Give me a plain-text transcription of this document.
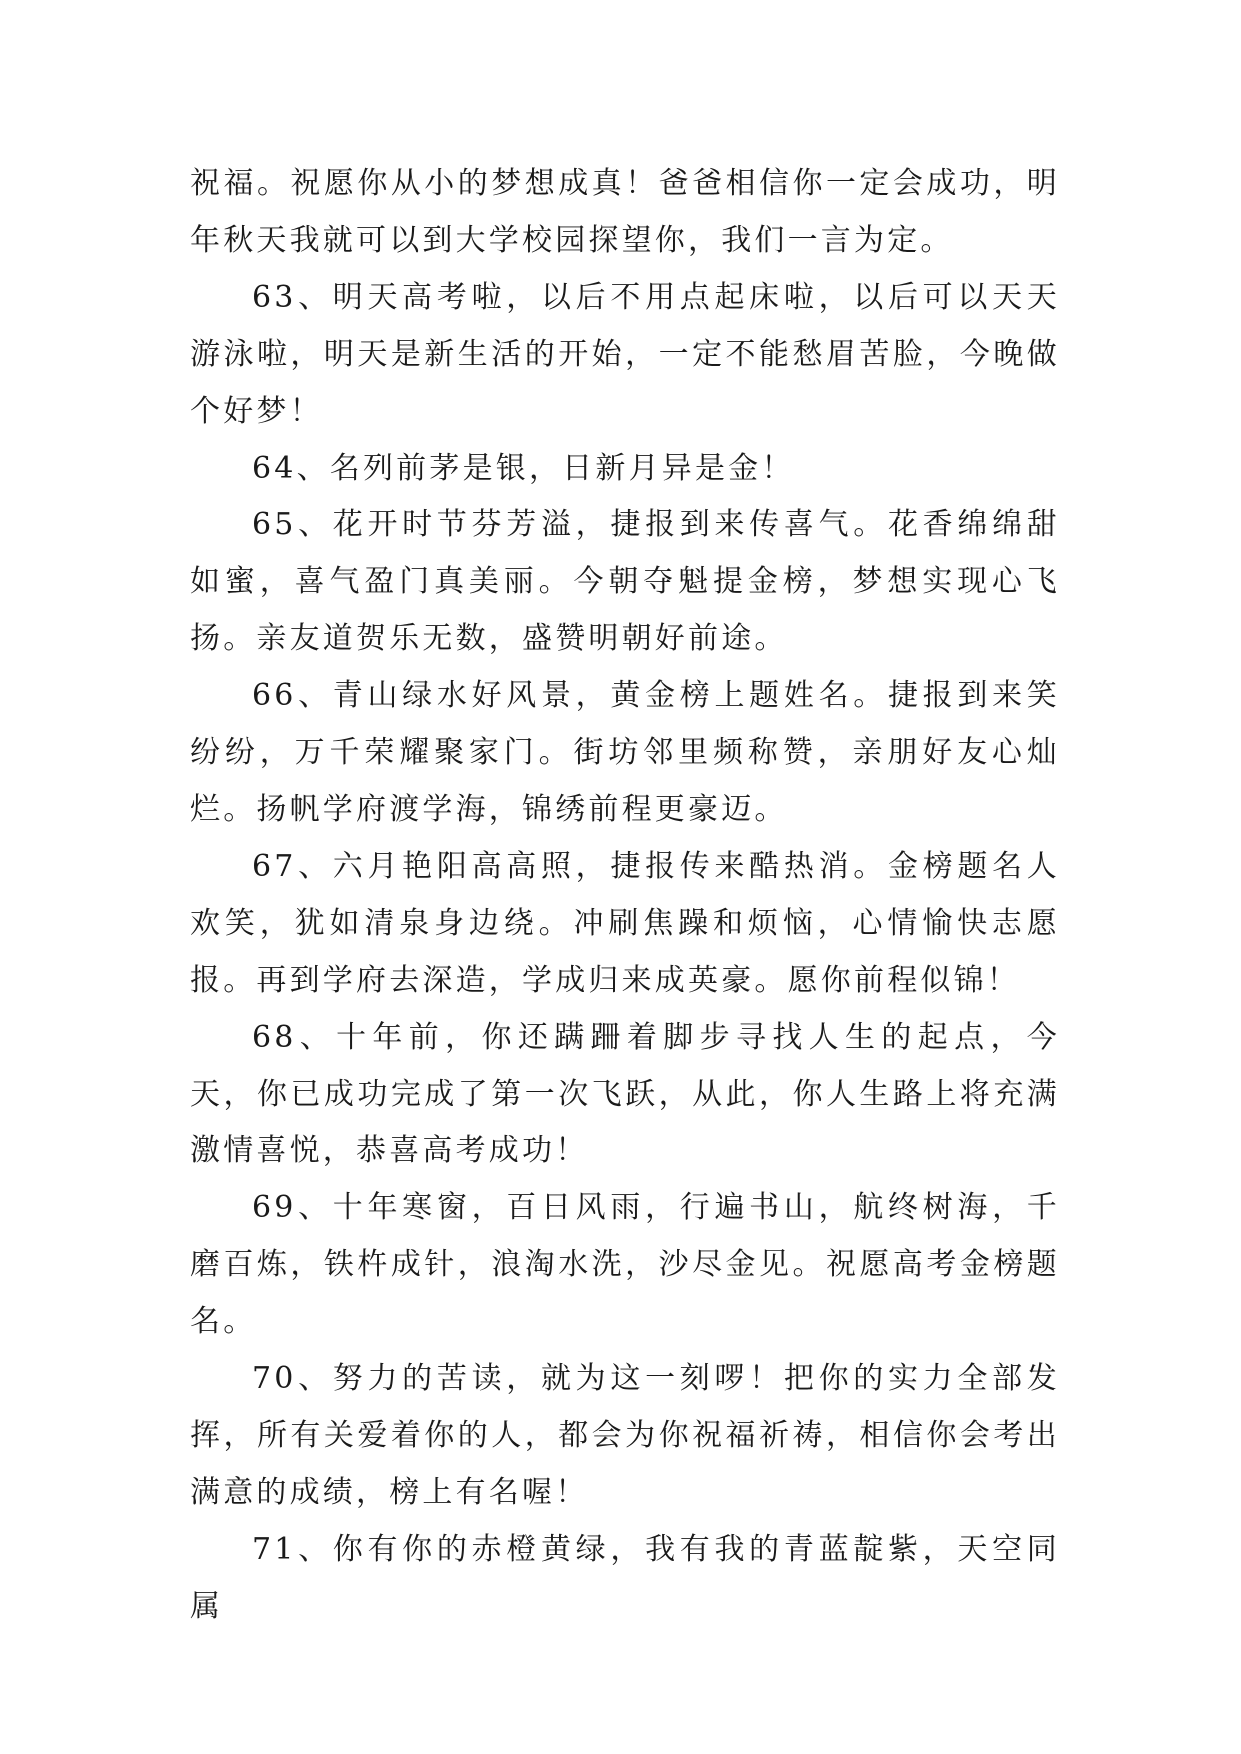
祝福。祝愿你从小的梦想成真！爸爸相信你一定会成功，明年秋天我就可以到大学校园探望你，我们一言为定。

63、明天高考啦，以后不用点起床啦，以后可以天天游泳啦，明天是新生活的开始，一定不能愁眉苦脸，今晚做个好梦！

64、名列前茅是银，日新月异是金！

65、花开时节芬芳溢，捷报到来传喜气。花香绵绵甜如蜜，喜气盈门真美丽。今朝夺魁提金榜，梦想实现心飞扬。亲友道贺乐无数，盛赞明朝好前途。

66、青山绿水好风景，黄金榜上题姓名。捷报到来笑纷纷，万千荣耀聚家门。街坊邻里频称赞，亲朋好友心灿烂。扬帆学府渡学海，锦绣前程更豪迈。

67、六月艳阳高高照，捷报传来酷热消。金榜题名人欢笑，犹如清泉身边绕。冲刷焦躁和烦恼，心情愉快志愿报。再到学府去深造，学成归来成英豪。愿你前程似锦！

68、十年前，你还蹒跚着脚步寻找人生的起点，今天，你已成功完成了第一次飞跃，从此，你人生路上将充满激情喜悦，恭喜高考成功！

69、十年寒窗，百日风雨，行遍书山，航终树海，千磨百炼，铁杵成针，浪淘水洗，沙尽金见。祝愿高考金榜题名。

70、努力的苦读，就为这一刻啰！把你的实力全部发挥，所有关爱着你的人，都会为你祝福祈祷，相信你会考出满意的成绩，榜上有名喔！

71、你有你的赤橙黄绿，我有我的青蓝靛紫，天空同属
